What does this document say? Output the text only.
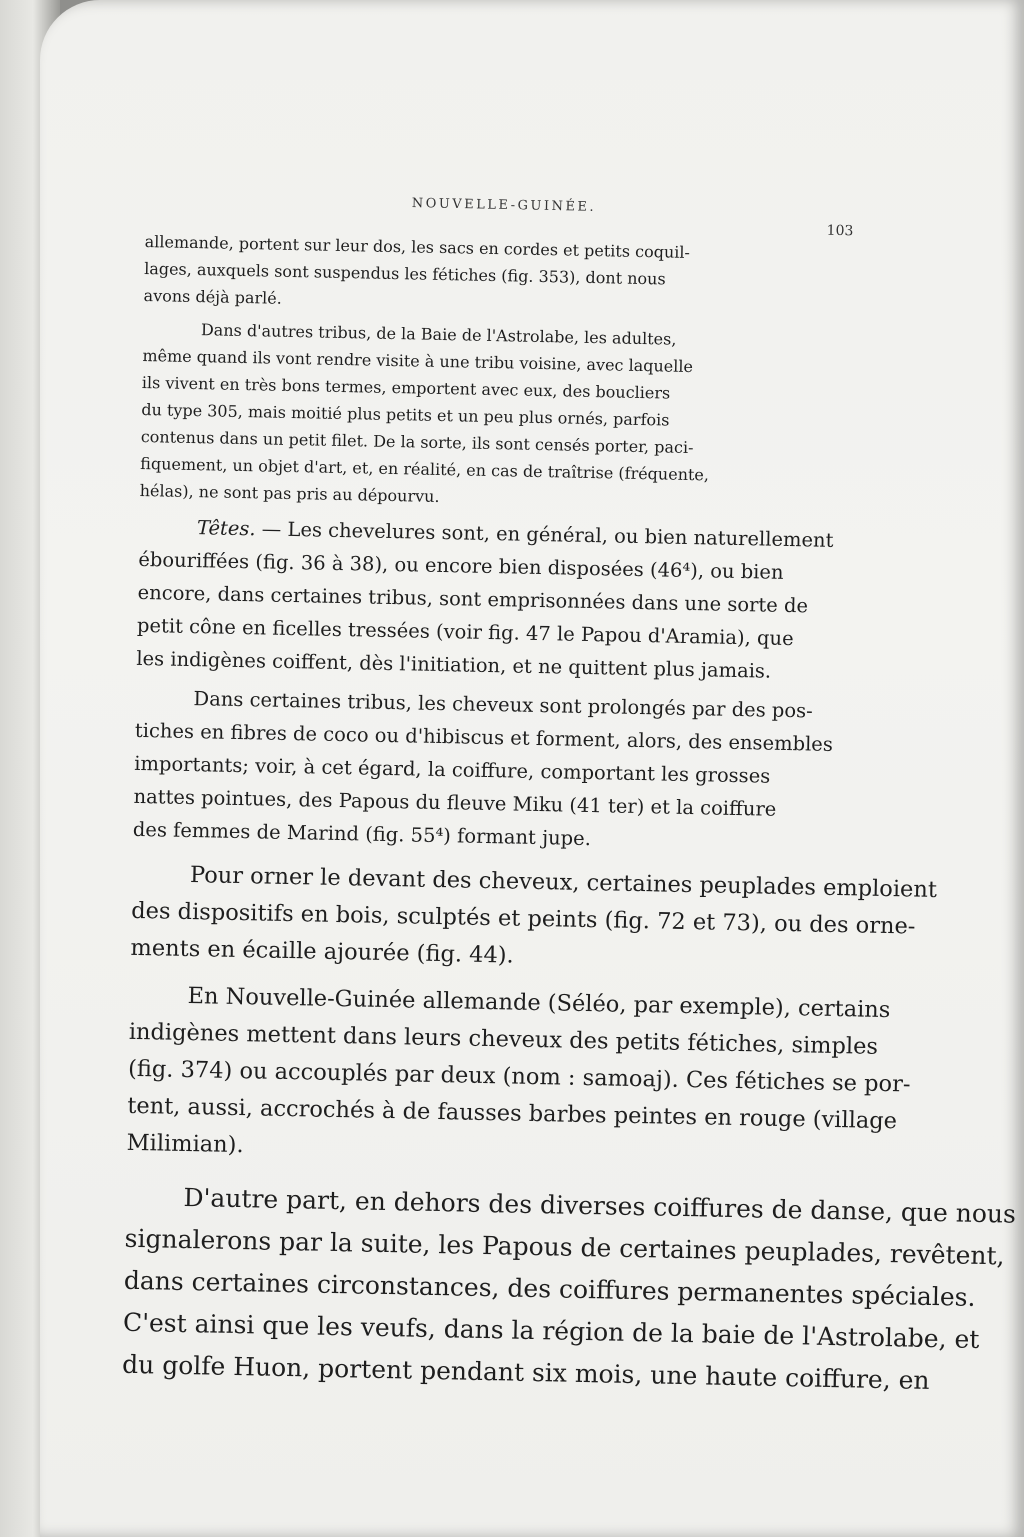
NOUVELLE-GUINÉE.
103
allemande, portent sur leur dos, les sacs en cordes et petits coquil-
lages, auxquels sont suspendus les fétiches (fig. 353), dont nous
avons déjà parlé.
Dans d'autres tribus, de la Baie de l'Astrolabe, les adultes,
même quand ils vont rendre visite à une tribu voisine, avec laquelle
ils vivent en très bons termes, emportent avec eux, des boucliers
du type 305, mais moitié plus petits et un peu plus ornés, parfois
contenus dans un petit filet. De la sorte, ils sont censés porter, paci-
fiquement, un objet d'art, et, en réalité, en cas de traîtrise (fréquente,
hélas), ne sont pas pris au dépourvu.
Têtes. — Les chevelures sont, en général, ou bien naturellement
ébouriffées (fig. 36 à 38), ou encore bien disposées (46⁴), ou bien
encore, dans certaines tribus, sont emprisonnées dans une sorte de
petit cône en ficelles tressées (voir fig. 47 le Papou d'Aramia), que
les indigènes coiffent, dès l'initiation, et ne quittent plus jamais.
Dans certaines tribus, les cheveux sont prolongés par des pos-
tiches en fibres de coco ou d'hibiscus et forment, alors, des ensembles
importants; voir, à cet égard, la coiffure, comportant les grosses
nattes pointues, des Papous du fleuve Miku (41 ter) et la coiffure
des femmes de Marind (fig. 55⁴) formant jupe.
Pour orner le devant des cheveux, certaines peuplades emploient
des dispositifs en bois, sculptés et peints (fig. 72 et 73), ou des orne-
ments en écaille ajourée (fig. 44).
En Nouvelle-Guinée allemande (Séléo, par exemple), certains
indigènes mettent dans leurs cheveux des petits fétiches, simples
(fig. 374) ou accouplés par deux (nom : samoaj). Ces fétiches se por-
tent, aussi, accrochés à de fausses barbes peintes en rouge (village
Milimian).
D'autre part, en dehors des diverses coiffures de danse, que nous
signalerons par la suite, les Papous de certaines peuplades, revêtent,
dans certaines circonstances, des coiffures permanentes spéciales.
C'est ainsi que les veufs, dans la région de la baie de l'Astrolabe, et
du golfe Huon, portent pendant six mois, une haute coiffure, en
